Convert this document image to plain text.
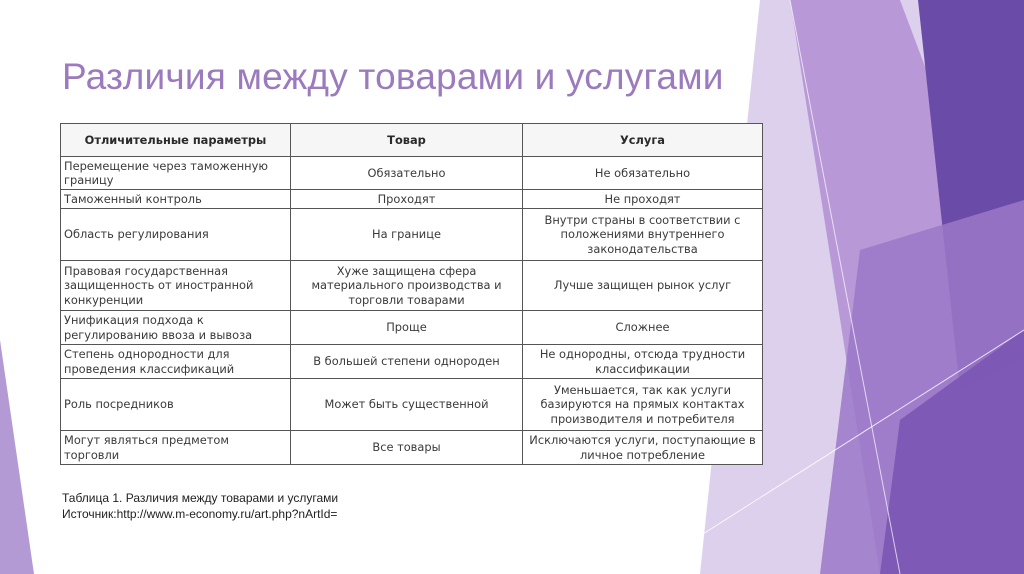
Различия между товарами и услугами
Отличительные параметры	Товар	Услуга
Перемещение через таможенную границу	Обязательно	Не обязательно
Таможенный контроль	Проходят	Не проходят
Область регулирования	На границе	Внутри страны в соответствии с положениями внутреннего законодательства
Правовая государственная защищенность от иностранной конкуренции	Хуже защищена сфера материального производства и торговли товарами	Лучше защищен рынок услуг
Унификация подхода к регулированию ввоза и вывоза	Проще	Сложнее
Степень однородности для проведения классификаций	В большей степени однороден	Не однородны, отсюда трудности классификации
Роль посредников	Может быть существенной	Уменьшается, так как услуги базируются на прямых контактах производителя и потребителя
Могут являться предметом торговли	Все товары	Исключаются услуги, поступающие в личное потребление
Таблица 1. Различия между товарами и услугами
Источник:http://www.m-economy.ru/art.php?nArtId=
